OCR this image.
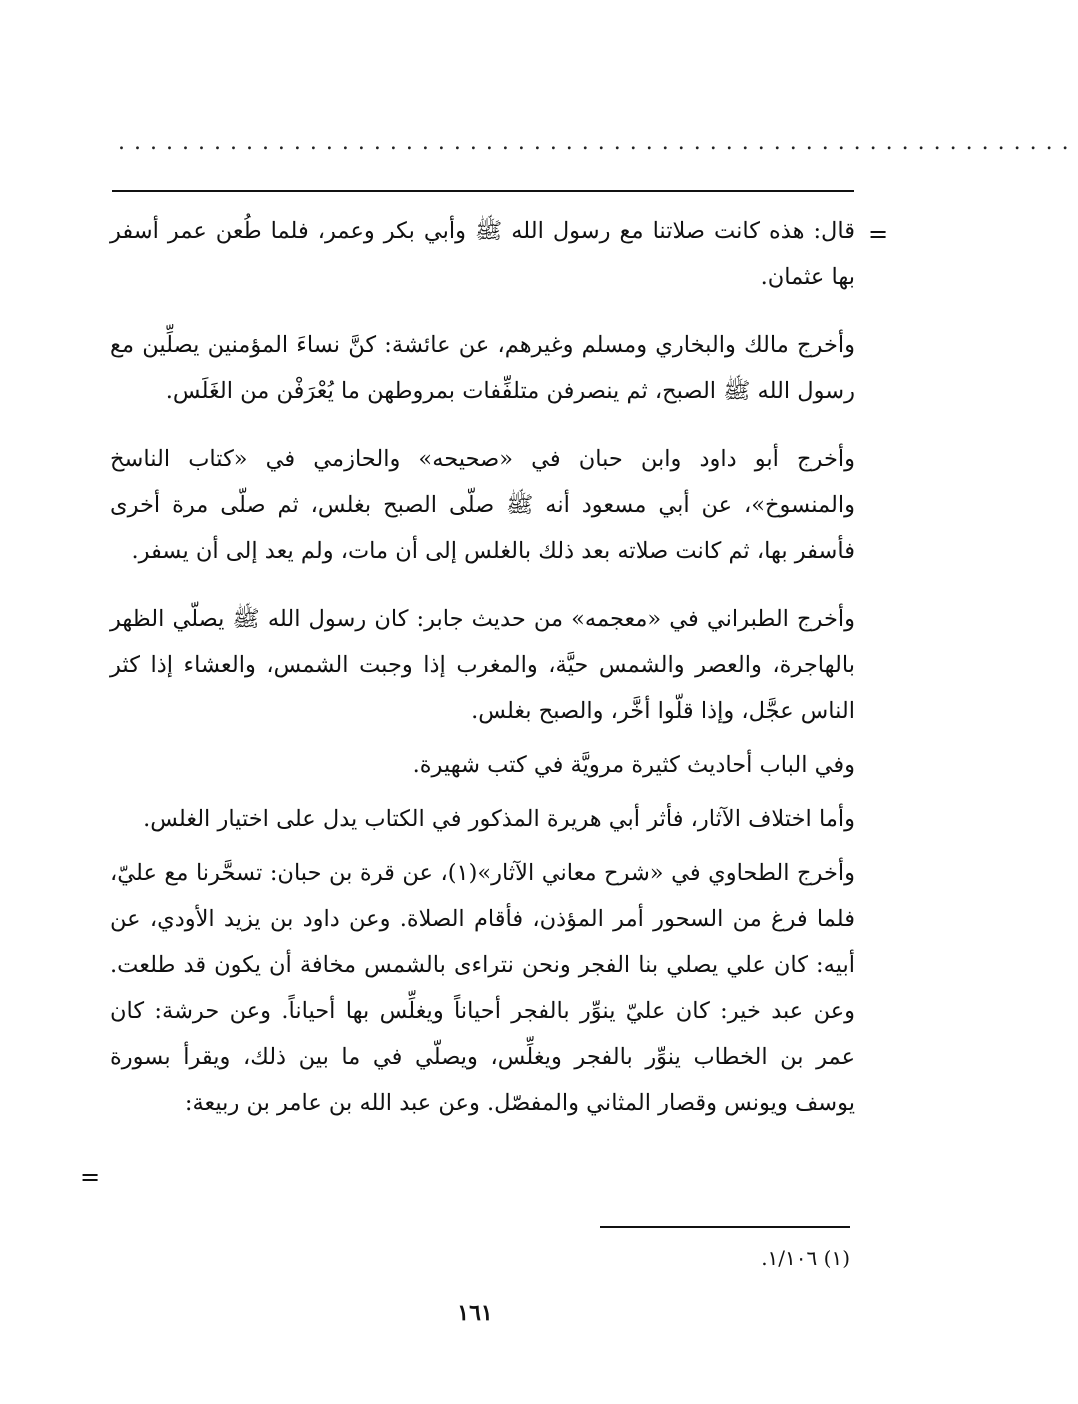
............................................................
=

قال: هذه كانت صلاتنا مع رسول الله ﷺ وأبي بكر وعمر، فلما طُعن عمر أسفر بها عثمان.

وأخرج مالك والبخاري ومسلم وغيرهم، عن عائشة: كنَّ نساءَ المؤمنين يصلِّين مع رسول الله ﷺ الصبح، ثم ينصرفن متلفِّفات بمروطهن ما يُعْرَفْن من الغَلَس.

وأخرج أبو داود وابن حبان في «صحيحه» والحازمي في «كتاب الناسخ والمنسوخ»، عن أبي مسعود أنه ﷺ صلّى الصبح بغلس، ثم صلّى مرة أخرى فأسفر بها، ثم كانت صلاته بعد ذلك بالغلس إلى أن مات، ولم يعد إلى أن يسفر.

وأخرج الطبراني في «معجمه» من حديث جابر: كان رسول الله ﷺ يصلّي الظهر بالهاجرة، والعصر والشمس حيَّة، والمغرب إذا وجبت الشمس، والعشاء إذا كثر الناس عجَّل، وإذا قلّوا أخَّر، والصبح بغلس.

وفي الباب أحاديث كثيرة مرويَّة في كتب شهيرة.

وأما اختلاف الآثار، فأثر أبي هريرة المذكور في الكتاب يدل على اختيار الغلس.

وأخرج الطحاوي في «شرح معاني الآثار»(١)، عن قرة بن حبان: تسحَّرنا مع عليّ، فلما فرغ من السحور أمر المؤذن، فأقام الصلاة. وعن داود بن يزيد الأودي، عن أبيه: كان علي يصلي بنا الفجر ونحن نتراءى بالشمس مخافة أن يكون قد طلعت. وعن عبد خير: كان عليّ ينوِّر بالفجر أحياناً ويغلِّس بها أحياناً. وعن حرشة: كان عمر بن الخطاب ينوِّر بالفجر ويغلِّس، ويصلّي في ما بين ذلك، ويقرأ بسورة يوسف ويونس وقصار المثاني والمفصّل. وعن عبد الله بن عامر بن ربيعة:

=
(١) ١/١٠٦.
١٦١
